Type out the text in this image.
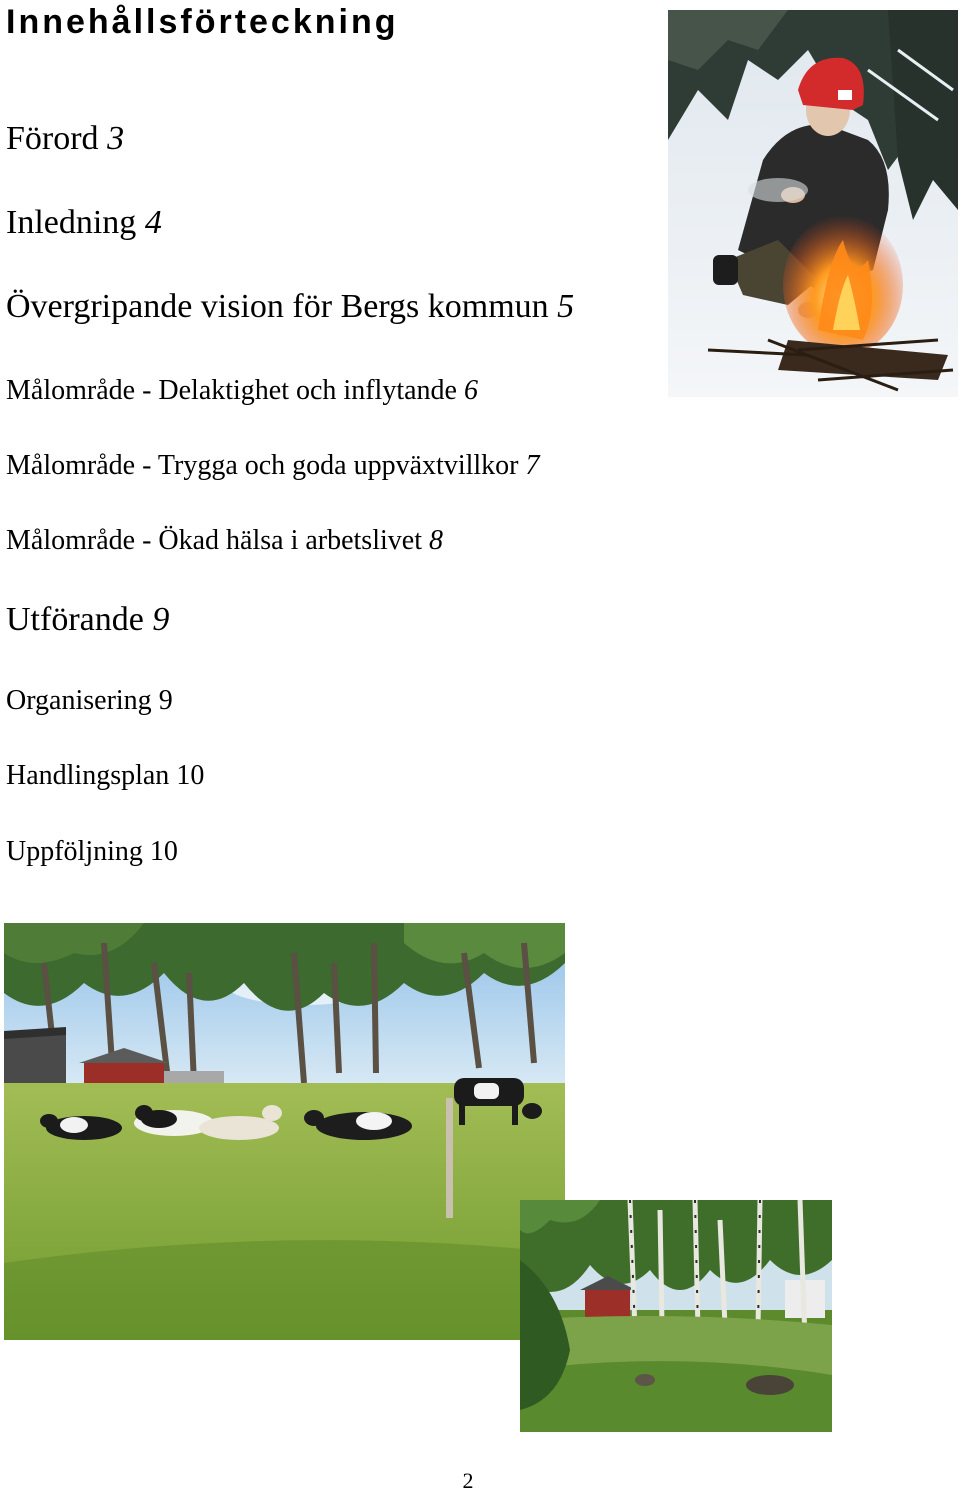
Innehållsförteckning
Förord 3
Inledning 4
Övergripande vision för Bergs kommun 5
Målområde - Delaktighet och inflytande 6
Målområde - Trygga och goda uppväxtvillkor 7
Målområde - Ökad hälsa i arbetslivet 8
Utförande 9
Organisering 9
Handlingsplan 10
Uppföljning 10
2
